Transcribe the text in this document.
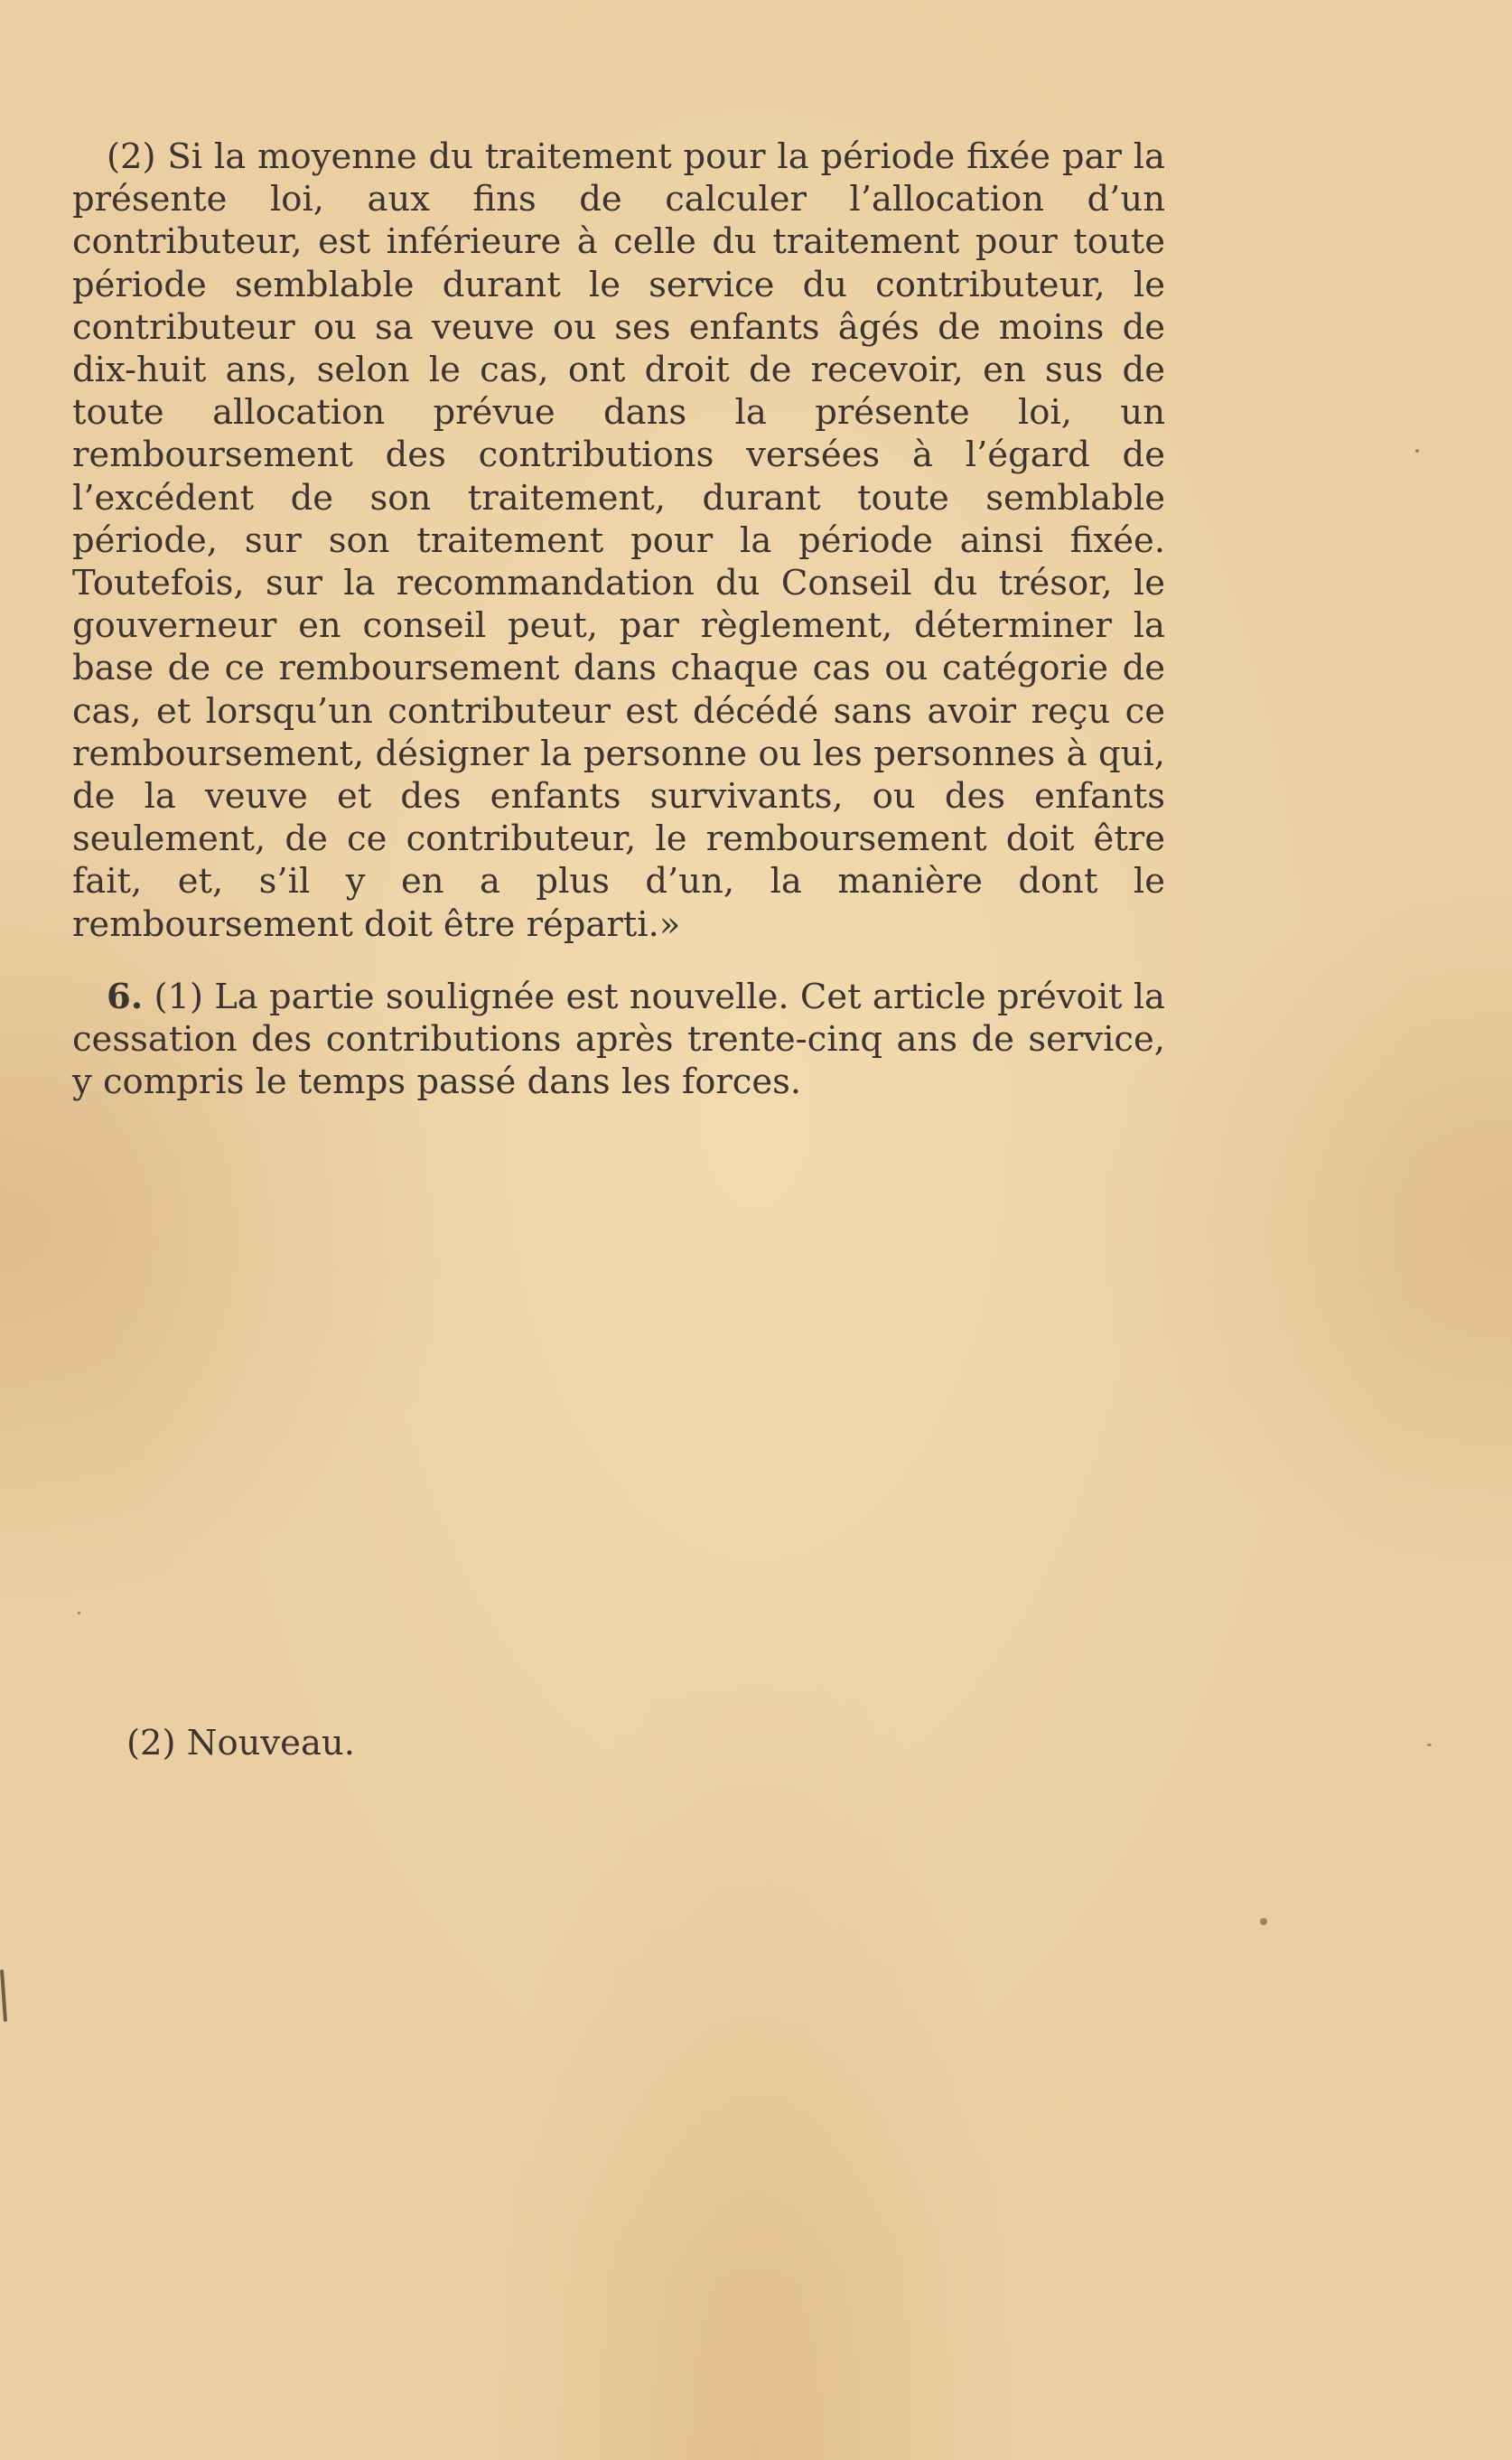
(2) Si la moyenne du traitement pour la période fixée par la présente loi, aux fins de calculer l’allocation d’un contributeur, est inférieure à celle du traitement pour toute période semblable durant le service du contributeur, le contributeur ou sa veuve ou ses enfants âgés de moins de dix-huit ans, selon le cas, ont droit de recevoir, en sus de toute allocation prévue dans la présente loi, un remboursement des contributions versées à l’égard de l’excédent de son traitement, durant toute semblable période, sur son traitement pour la période ainsi fixée. Toutefois, sur la recommandation du Conseil du trésor, le gouverneur en conseil peut, par règlement, déterminer la base de ce remboursement dans chaque cas ou catégorie de cas, et lorsqu’un contributeur est décédé sans avoir reçu ce remboursement, désigner la personne ou les personnes à qui, de la veuve et des enfants survivants, ou des enfants seulement, de ce contributeur, le remboursement doit être fait, et, s’il y en a plus d’un, la manière dont le remboursement doit être réparti.»

6. (1) La partie soulignée est nouvelle. Cet article prévoit la cessation des contributions après trente-cinq ans de service, y compris le temps passé dans les forces.

(2) Nouveau.
